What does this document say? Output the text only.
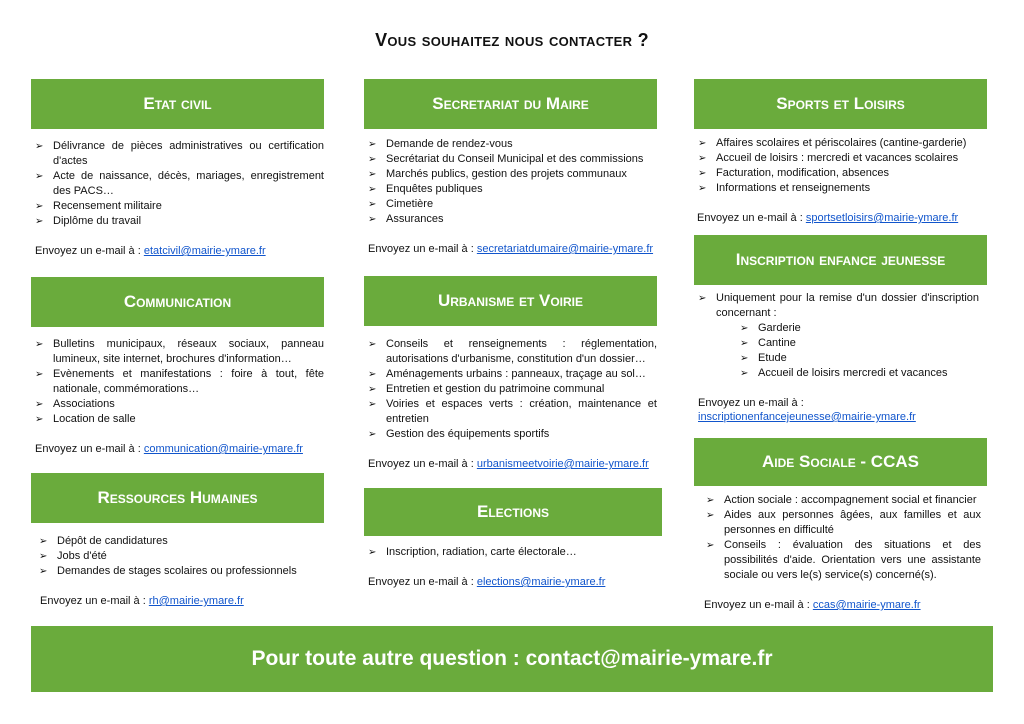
Vous souhaitez nous contacter ?
Etat civil
➢ Délivrance de pièces administratives ou certification d'actes
➢ Acte de naissance, décès, mariages, enregistrement des PACS…
➢ Recensement militaire
➢ Diplôme du travail
Envoyez un e-mail à : etatcivil@mairie-ymare.fr
Communication
➢ Bulletins municipaux, réseaux sociaux, panneau lumineux, site internet, brochures d'information…
➢ Evènements et manifestations : foire à tout, fête nationale, commémorations…
➢ Associations
➢ Location de salle
Envoyez un e-mail à : communication@mairie-ymare.fr
Ressources Humaines
➢ Dépôt de candidatures
➢ Jobs d'été
➢ Demandes de stages scolaires ou professionnels
Envoyez un e-mail à : rh@mairie-ymare.fr
Secretariat du Maire
➢ Demande de rendez-vous
➢ Secrétariat du Conseil Municipal et des commissions
➢ Marchés publics, gestion des projets communaux
➢ Enquêtes publiques
➢ Cimetière
➢ Assurances
Envoyez un e-mail à : secretariatdumaire@mairie-ymare.fr
Urbanisme et Voirie
➢ Conseils et renseignements : réglementation, autorisations d'urbanisme, constitution d'un dossier…
➢ Aménagements urbains : panneaux, traçage au sol…
➢ Entretien et gestion du patrimoine communal
➢ Voiries et espaces verts : création, maintenance et entretien
➢ Gestion des équipements sportifs
Envoyez un e-mail à : urbanismeetvoirie@mairie-ymare.fr
Elections
➢ Inscription, radiation, carte électorale…
Envoyez un e-mail à : elections@mairie-ymare.fr
Sports et Loisirs
➢ Affaires scolaires et périscolaires (cantine-garderie)
➢ Accueil de loisirs : mercredi et vacances scolaires
➢ Facturation, modification, absences
➢ Informations et renseignements
Envoyez un e-mail à : sportsetloisirs@mairie-ymare.fr
Inscription enfance jeunesse
➢ Uniquement pour la remise d'un dossier d'inscription concernant :
➢ Garderie
➢ Cantine
➢ Etude
➢ Accueil de loisirs mercredi et vacances
Envoyez un e-mail à :
inscriptionenfancejeunesse@mairie-ymare.fr
Aide Sociale - CCAS
➢ Action sociale : accompagnement social et financier
➢ Aides aux personnes âgées, aux familles et aux personnes en difficulté
➢ Conseils : évaluation des situations et des possibilités d'aide. Orientation vers une assistante sociale ou vers le(s) service(s) concerné(s).
Envoyez un e-mail à : ccas@mairie-ymare.fr
Pour toute autre question : contact@mairie-ymare.fr
